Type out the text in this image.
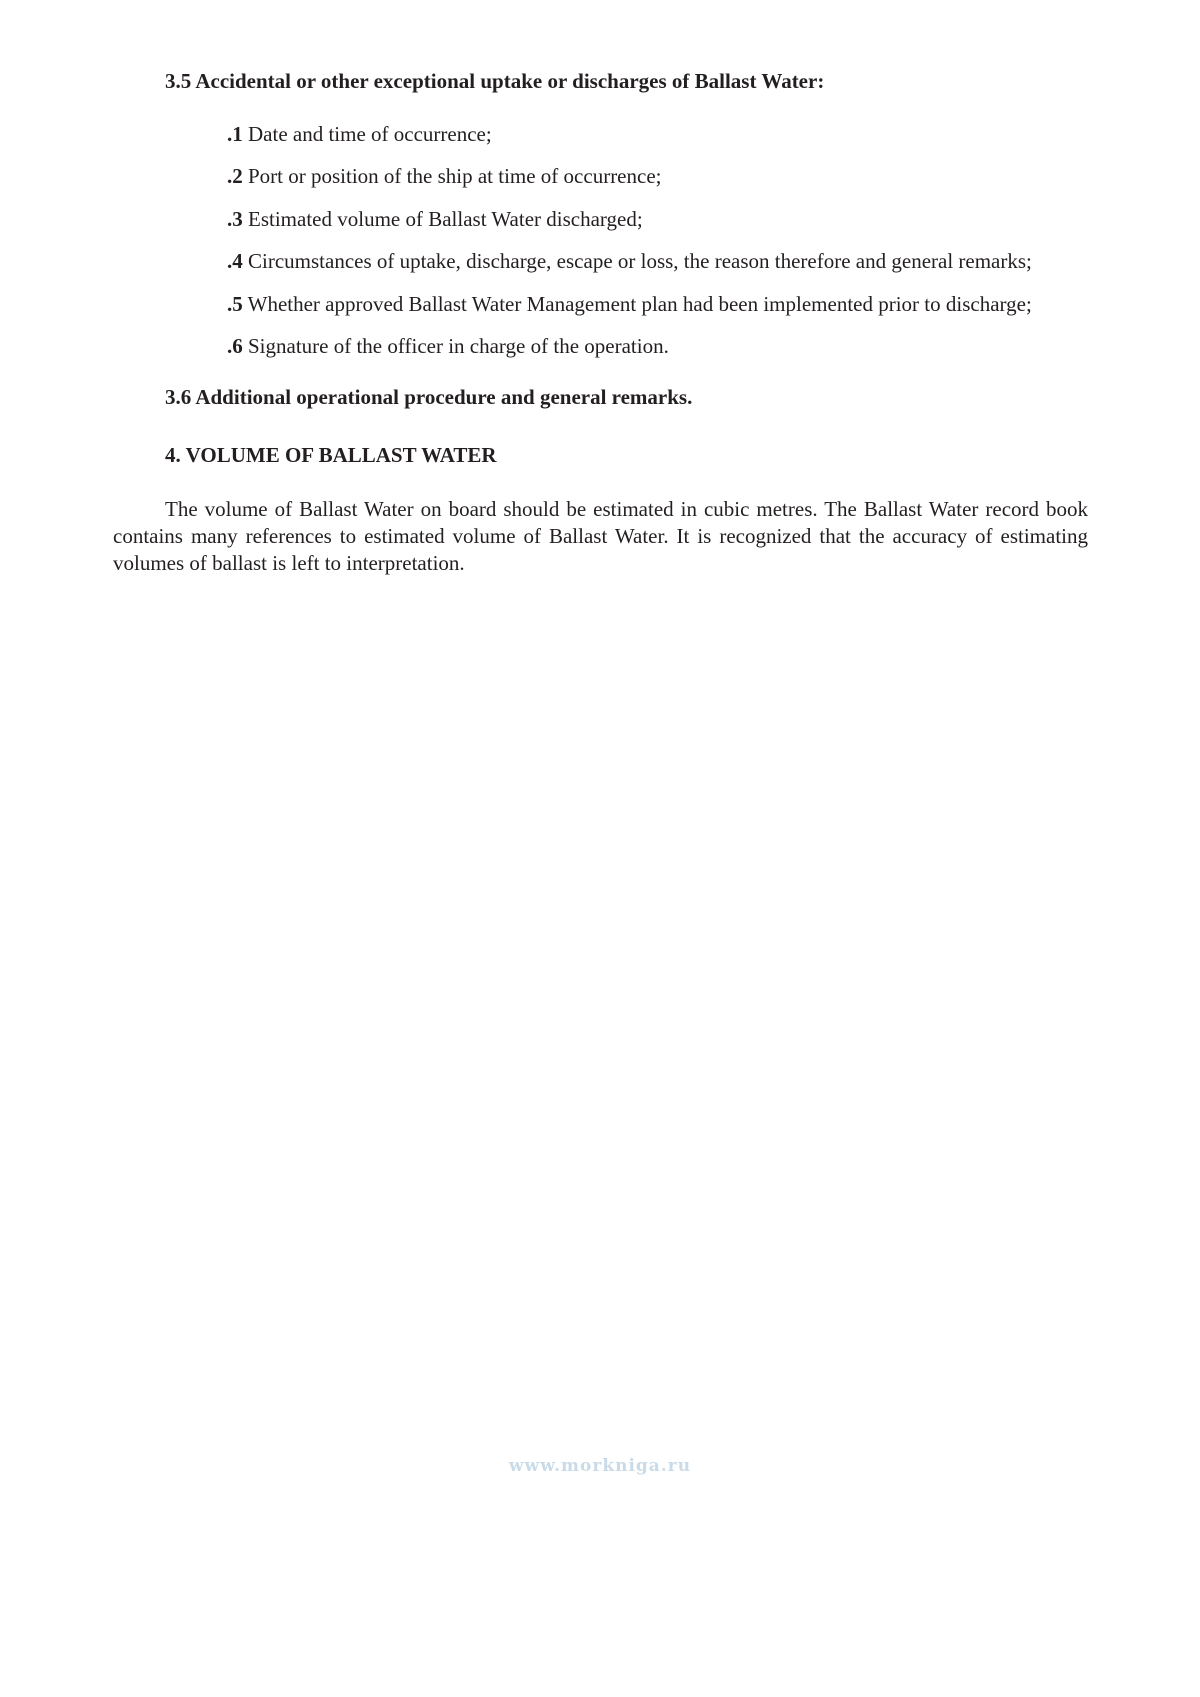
3.5 Accidental or other exceptional uptake or discharges of Ballast Water:
.1 Date and time of occurrence;
.2 Port or position of the ship at time of occurrence;
.3 Estimated volume of Ballast Water discharged;
.4 Circumstances of uptake, discharge, escape or loss, the reason therefore and general remarks;
.5 Whether approved Ballast Water Management plan had been implemented prior to discharge;
.6 Signature of the officer in charge of the operation.
3.6 Additional operational procedure and general remarks.
4. VOLUME OF BALLAST WATER
The volume of Ballast Water on board should be estimated in cubic metres. The Ballast Water record book contains many references to estimated volume of Ballast Water. It is recognized that the accuracy of estimating volumes of ballast is left to interpretation.
www.morkniga.ru
